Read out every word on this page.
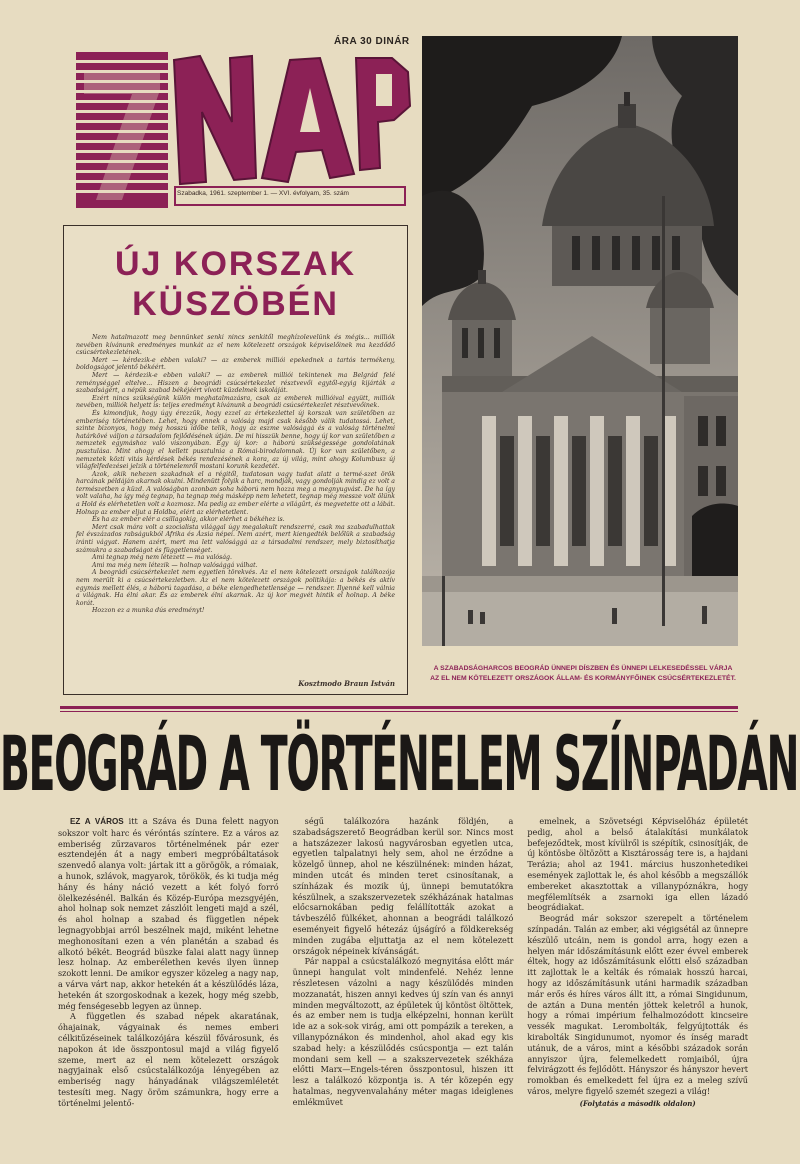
ÁRA 30 DINÁR
Szabadka, 1961. szeptember 1. — XVI. évfolyam, 35. szám
ÚJ KORSZAK
KÜSZÖBÉN

Nem hatalmazott meg bennünket senki nincs senkitől meghízolevelünk és mégis... milliók nevében kívánunk eredményes munkát az el nem kötelezett országok képviselőinek ma kezdődő csúcsértekezletének.

Mert — kérdezik-e ebben valaki? — az emberek milliói epekednek a tartós termékeny, boldogságot jelentő békéért.

Mert — kérdezik-e ebben valaki? — az emberek milliói tekintenek ma Belgrád felé reménységgel eltelve... Hiszen a beográdi csúcsértekezlet résztvevői egytől-egyig kijárták a szabadságért, a népük szabad békéjéért vívott küzdelmek iskoláját.

Ezért nincs szükségünk külön meghatalmazásra, csak az emberek millióival együtt, milliók nevében, milliók helyett is: teljes eredményt kívánunk a beográdi csúcsértekezlet résztvevőinek.

És kimondjuk, hogy úgy érezzük, hogy ezzel az értekezlettel új korszak van születőben az emberiség történetében. Lehet, hogy ennek a valóság majd csak később válik tudatossá. Lehet, szinte bizonyos, hogy még hosszú időbe telik, hogy az eszme valósággá és a valóság történelmi határkövé váljon a társadalom fejlődésének útján. De mi hisszük benne, hogy új kor van születőben a nemzetek egymáshoz való viszonyában. Egy új kor: a háború szükségessége gondolatának pusztulása. Mint ahogy el kellett pusztulnia a Római-birodalomnak. Új kor van születőben, a nemzetek közti vitás kérdések békés rendezésének a kora, az új világ, mint ahogy Kolumbusz új világfelfedezései jelzik a történelemről mostani korunk kezdetét.

Azok, akik nehezen szakadnak el a régitől, tudatosan vagy tudat alatt a termé-szet örök harcának példáján akarnak okulni. Mindenütt folyik a harc, mondják, vagy gondolják mindig ez volt a természetben a küzd. A valóságban azonban soha háború nem hozza meg a megnyugvást. De ha így volt valaha, ha így még tegnap, ha tegnap még másképp nem lehetett, tegnap még messze volt ölünk a Hold és elérhetetlen volt a kozmosz. Ma pedig az ember elérte a világűrt, és megvetette ott a lábát. Holnap az ember eljut a Holdba, elért az elérhetetlent.

És ha az ember elér a csillagokig, akkor elérhet a békéhez is.

Mert csak mára volt a szocialista világgal úgy megalakult rendszerré, csak ma szabadulhattak fel évszázados rabságukból Afrika és Ázsia népei. Nem azért, mert kiengedték belőlük a szabadság iránti vágyat. Hanem azért, mert ma lett valósággá az a társadalmi rendszer, mely biztosíthatja számukra a szabadságot és függetlenséget.

Ami tegnap még nem létezett — ma valóság.

Ami ma még nem létezik — holnap valósággá válhat.

A beográdi csúcsértekezlet nem egyetlen törekvés. Az el nem kötelezett országok találkozója nem merült ki a csúcsértekezletben. Az el nem kötelezett országok politikája: a békés és aktív egymás mellett élés, a háború tagadása, a béke elengedhetetlensége — rendszer. Ilyenné kell válnia a világnak. Ha élni akar. És az emberek élni akarnak. Az új kor megvét hintik el holnap. A béke korát.

Hozzon ez a munka dús eredményt!

Kosztmodo Braun István
A SZABADSÁGHARCOS BEOGRÁD ÜNNEPI DÍSZBEN ÉS ÜNNEPI LELKESEDÉSSEL VÁRJA AZ EL NEM KÖTELEZETT ORSZÁGOK ÁLLAM- ÉS KORMÁNYFŐINEK CSÚCSÉRTEKEZLETÉT.
BEOGRÁD A TÖRTÉNELEM SZÍNPADÁN

EZ A VÁROS itt a Száva és Duna felett nagyon sokszor volt harc és véróntás színtere. Ez a város az emberiség zűrzavaros történelmének pár ezer esztendején át a nagy emberi megpróbáltatások szenvedő alanya volt: jártak itt a görögök, a rómaiak, a hunok, szlávok, magyarok, törökök, és ki tudja még hány és hány náció vezett a két folyó forró ölelkezésénél. Balkán és Közép-Európa mezsgyéjén, ahol holnap sok nemzet zászlóit lengeti majd a szél, és ahol holnap a szabad és független népek legnagyobbjai arról beszélnek majd, miként lehetne meghonosítani ezen a vén planétán a szabad és alkotó békét. Beográd büszke falai alatt nagy ünnep lesz holnap. Az emberélethen kevés ilyen ünnep szokott lenni. De amikor egyszer közeleg a nagy nap, a várva várt nap, akkor hetekén át a készülődés láza, hetekén át szorgoskodnak a kezek, hogy még szebb, még fenségesebb legyen az ünnep.

A független és szabad népek akaratának, óhajainak, vágyainak és nemes emberi célkitűzéseinek találkozójára készül fővárosunk, és napokon át ide összpontosul majd a világ figyelő szeme, mert az el nem kötelezett országok nagyjainak első csúcstalálkozója lényegében az emberiség nagy hányadának világszemléletét testesíti meg. Nagy öröm számunkra, hogy erre a történelmi jelentő-

ségű találkozóra hazánk földjén, a szabadságszerető Beográdban kerül sor. Nincs most a hatszázezer lakosú nagyvárosban egyetlen utca, egyetlen talpalatnyi hely sem, ahol ne érződne a közelgő ünnep, ahol ne készülnének: minden házat, minden utcát és minden teret csinosítanak, a színházak és mozik új, ünnepi bemutatókra készülnek, a szakszervezetek székházának hatalmas előcsarnokában pedig felállították azokat a távbeszélő fülkéket, ahonnan a beográdi találkozó eseményeit figyelő hétezáz újságíró a földkerekség minden zugába eljuttatja az el nem kötelezett országok népeinek kívánságát.

Pár nappal a csúcstalálkozó megnyitása előtt már ünnepi hangulat volt mindenfelé. Nehéz lenne részletesen vázolni a nagy készülődés minden mozzanatát, hiszen annyi kedves új szín van és annyi minden megváltozott, az épületek új köntöst öltöttek, és az ember nem is tudja elképzelni, honnan került ide az a sok-sok virág, ami ott pompázik a tereken, a villanypóznákon és mindenhol, ahol akad egy kis szabad hely: a készülődés csúcspontja — ezt talán mondani sem kell — a szakszervezetek székháza előtti Marx—Engels-téren összpontosul, hiszen itt lesz a találkozó központja is. A tér közepén egy hatalmas, negyvenvalahány méter magas ideiglenes emlékművet

emelnek, a Szövetségi Képviselőház épületét pedig, ahol a belső átalakítási munkálatok befejeződtek, most kívülről is szépítik, csinosítják, de új köntösbe öltözött a Kisztárosság tere is, a hajdani Terázia; ahol az 1941. március huszonhetedikei események zajlottak le, és ahol később a megszállók embereket akasztottak a villanypóznákra, hogy megfélemlítsék a zsarnoki iga ellen lázadó beográdiakat.

Beográd már sokszor szerepelt a történelem színpadán. Talán az ember, aki végigsétál az ünnepre készülő utcáin, nem is gondol arra, hogy ezen a helyen már időszámításunk előtt ezer évvel emberek éltek, hogy az időszámításunk előtti első században itt zajlottak le a kelták és rómaiak hosszú harcai, hogy az időszámításunk utáni harmadik században már erős és híres város állt itt, a római Singidunum, de aztán a Duna mentén jöttek keletről a hunok, hogy a római impérium felhalmozódott kincseire vessék magukat. Lerombolták, felgyújtották és kirabolták Singidunumot, nyomor és ínség maradt utánuk, de a város, mint a későbbi századok során annyiszor újra, felemelkedett romjaiból, újra felvirágzott és fejlődött. Hányszor és hányszor hevert romokban és emelkedett fel újra ez a meleg szívű város, melyre figyelő szemét szegezi a világ!

(Folytatás a második oldalon)
